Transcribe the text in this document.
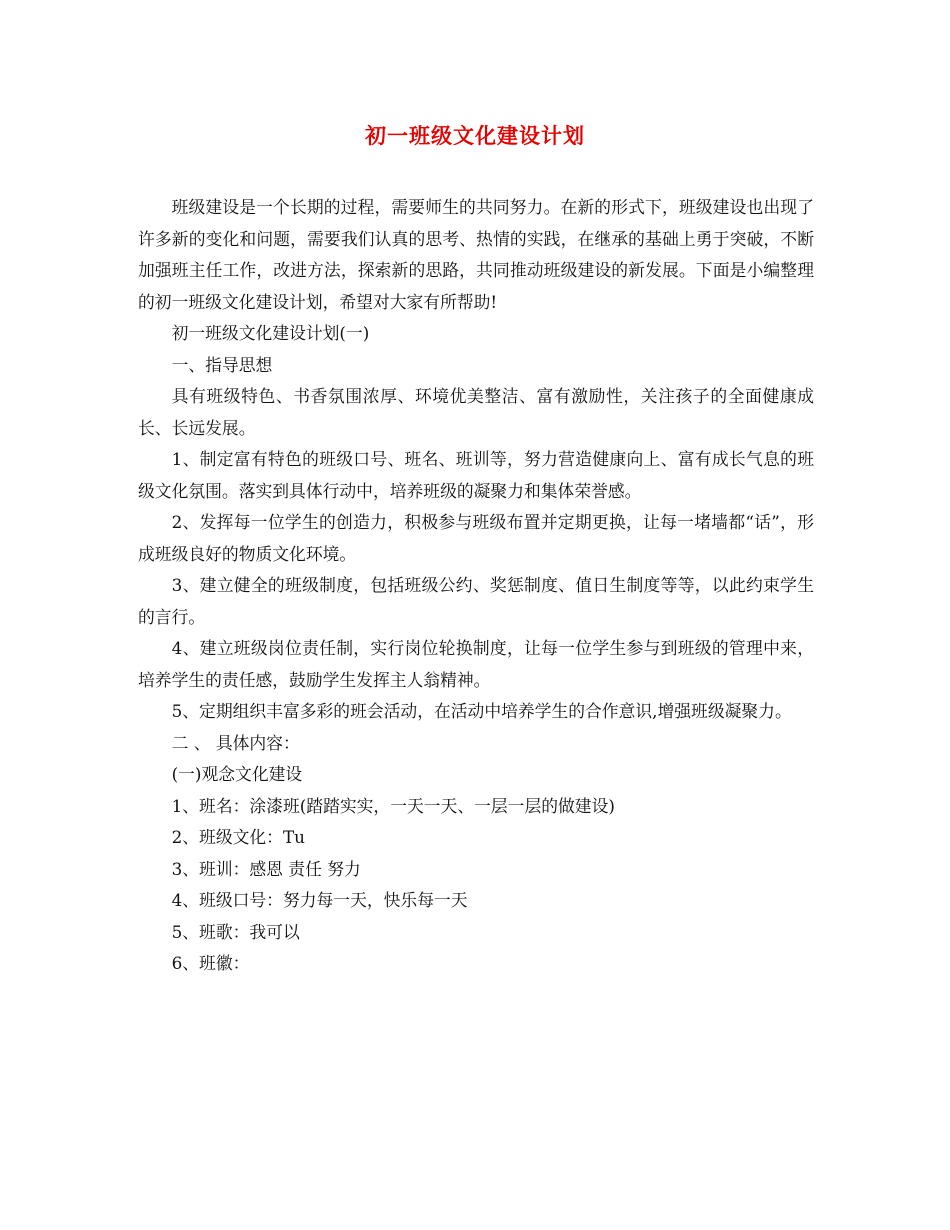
初一班级文化建设计划

班级建设是一个长期的过程，需要师生的共同努力。在新的形式下，班级建设也出现了许多新的变化和问题，需要我们认真的思考、热情的实践，在继承的基础上勇于突破，不断加强班主任工作，改进方法，探索新的思路，共同推动班级建设的新发展。下面是小编整理的初一班级文化建设计划，希望对大家有所帮助!

初一班级文化建设计划(一)

一、指导思想

具有班级特色、书香氛围浓厚、环境优美整洁、富有激励性，关注孩子的全面健康成长、长远发展。

1、制定富有特色的班级口号、班名、班训等，努力营造健康向上、富有成长气息的班级文化氛围。落实到具体行动中，培养班级的凝聚力和集体荣誉感。

2、发挥每一位学生的创造力，积极参与班级布置并定期更换，让每一堵墙都“话”，形成班级良好的物质文化环境。

3、建立健全的班级制度，包括班级公约、奖惩制度、值日生制度等等，以此约束学生的言行。

4、建立班级岗位责任制，实行岗位轮换制度，让每一位学生参与到班级的管理中来，培养学生的责任感，鼓励学生发挥主人翁精神。

5、定期组织丰富多彩的班会活动，在活动中培养学生的合作意识,增强班级凝聚力。

二 、 具体内容：

(一)观念文化建设

1、班名：涂漆班(踏踏实实，一天一天、一层一层的做建设)

2、班级文化：Tu

3、班训：感恩 责任 努力

4、班级口号：努力每一天，快乐每一天

5、班歌：我可以

6、班徽：
